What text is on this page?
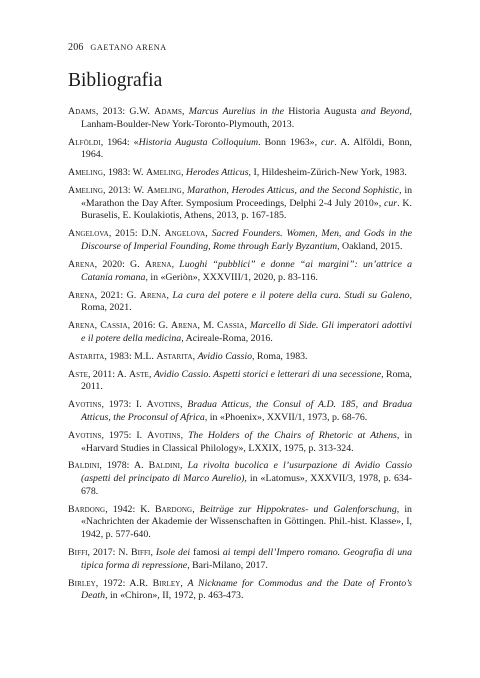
206 GAETANO ARENA
Bibliografia

Adams, 2013: G.W. Adams, Marcus Aurelius in the Historia Augusta and Beyond, Lanham-Boulder-New York-Toronto-Plymouth, 2013.

Alföldi, 1964: «Historia Augusta Colloquium. Bonn 1963», cur. A. Alföldi, Bonn, 1964.

Ameling, 1983: W. Ameling, Herodes Atticus, I, Hildesheim-Zürich-New York, 1983.

Ameling, 2013: W. Ameling, Marathon, Herodes Atticus, and the Second Sophistic, in «Marathon the Day After. Symposium Proceedings, Delphi 2-4 July 2010», cur. K. Buraselis, E. Koulakiotis, Athens, 2013, p. 167-185.

Angelova, 2015: D.N. Angelova, Sacred Founders. Women, Men, and Gods in the Discourse of Imperial Founding, Rome through Early Byzantium, Oakland, 2015.

Arena, 2020: G. Arena, Luoghi “pubblici” e donne “ai margini”: un’attrice a Catania romana, in «Geriòn», XXXVIII/1, 2020, p. 83-116.

Arena, 2021: G. Arena, La cura del potere e il potere della cura. Studi su Galeno, Roma, 2021.

Arena, Cassia, 2016: G. Arena, M. Cassia, Marcello di Side. Gli imperatori adottivi e il potere della medicina, Acireale-Roma, 2016.

Astarita, 1983: M.L. Astarita, Avidio Cassio, Roma, 1983.

Aste, 2011: A. Aste, Avidio Cassio. Aspetti storici e letterari di una secessione, Roma, 2011.

Avotins, 1973: I. Avotins, Bradua Atticus, the Consul of A.D. 185, and Bradua Atticus, the Proconsul of Africa, in «Phoenix», XXVII/1, 1973, p. 68-76.

Avotins, 1975: I. Avotins, The Holders of the Chairs of Rhetoric at Athens, in «Harvard Studies in Classical Philology», LXXIX, 1975, p. 313-324.

Baldini, 1978: A. Baldini, La rivolta bucolica e l’usurpazione di Avidio Cassio (aspetti del principato di Marco Aurelio), in «Latomus», XXXVII/3, 1978, p. 634-678.

Bardong, 1942: K. Bardong, Beiträge zur Hippokrates- und Galenforschung, in «Nachrichten der Akademie der Wissenschaften in Göttingen. Phil.-hist. Klasse», I, 1942, p. 577-640.

Biffi, 2017: N. Biffi, Isole dei famosi ai tempi dell’Impero romano. Geografia di una tipica forma di repressione, Bari-Milano, 2017.

Birley, 1972: A.R. Birley, A Nickname for Commodus and the Date of Fronto’s Death, in «Chiron», II, 1972, p. 463-473.
